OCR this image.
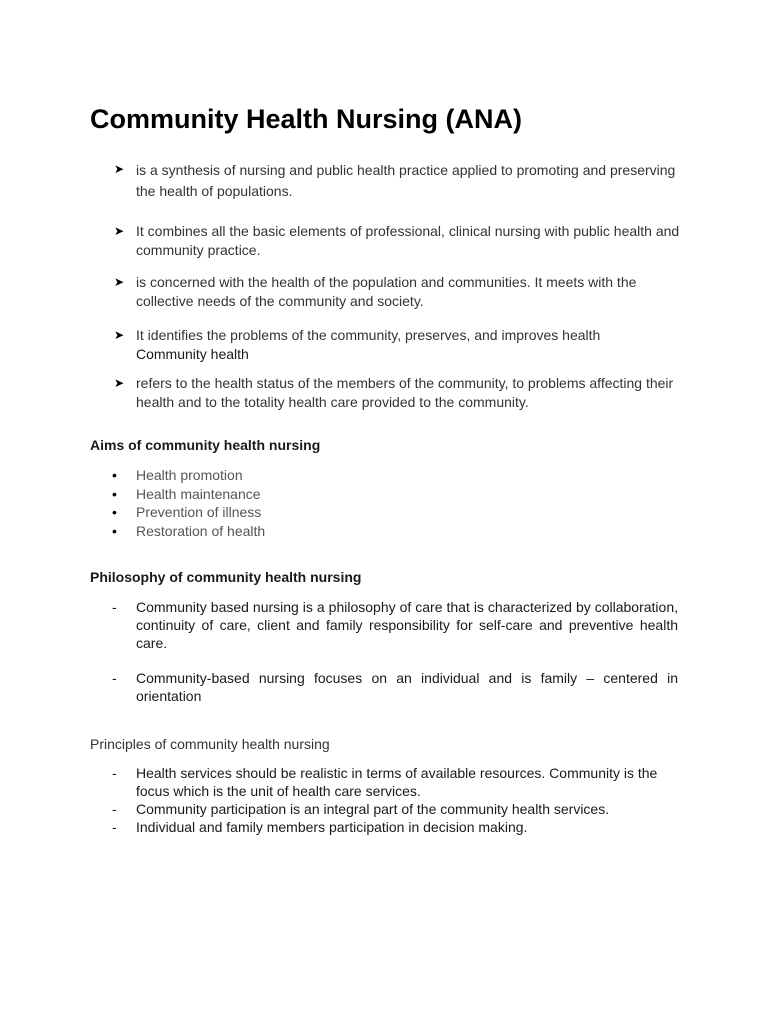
Community Health Nursing (ANA)
➤ is a synthesis of nursing and public health practice applied to promoting and preserving the health of populations.
➤ It combines all the basic elements of professional, clinical nursing with public health and community practice.
➤ is concerned with the health of the population and communities. It meets with the collective needs of the community and society.
➤ It identifies the problems of the community, preserves, and improves health
Community health
➤ refers to the health status of the members of the community, to problems affecting their health and to the totality health care provided to the community.
Aims of community health nursing
• Health promotion
• Health maintenance
• Prevention of illness
• Restoration of health
Philosophy of community health nursing
- Community based nursing is a philosophy of care that is characterized by collaboration, continuity of care, client and family responsibility for self-care and preventive health care.
- Community-based nursing focuses on an individual and is family – centered in orientation
Principles of community health nursing
- Health services should be realistic in terms of available resources. Community is the focus which is the unit of health care services.
- Community participation is an integral part of the community health services.
- Individual and family members participation in decision making.
